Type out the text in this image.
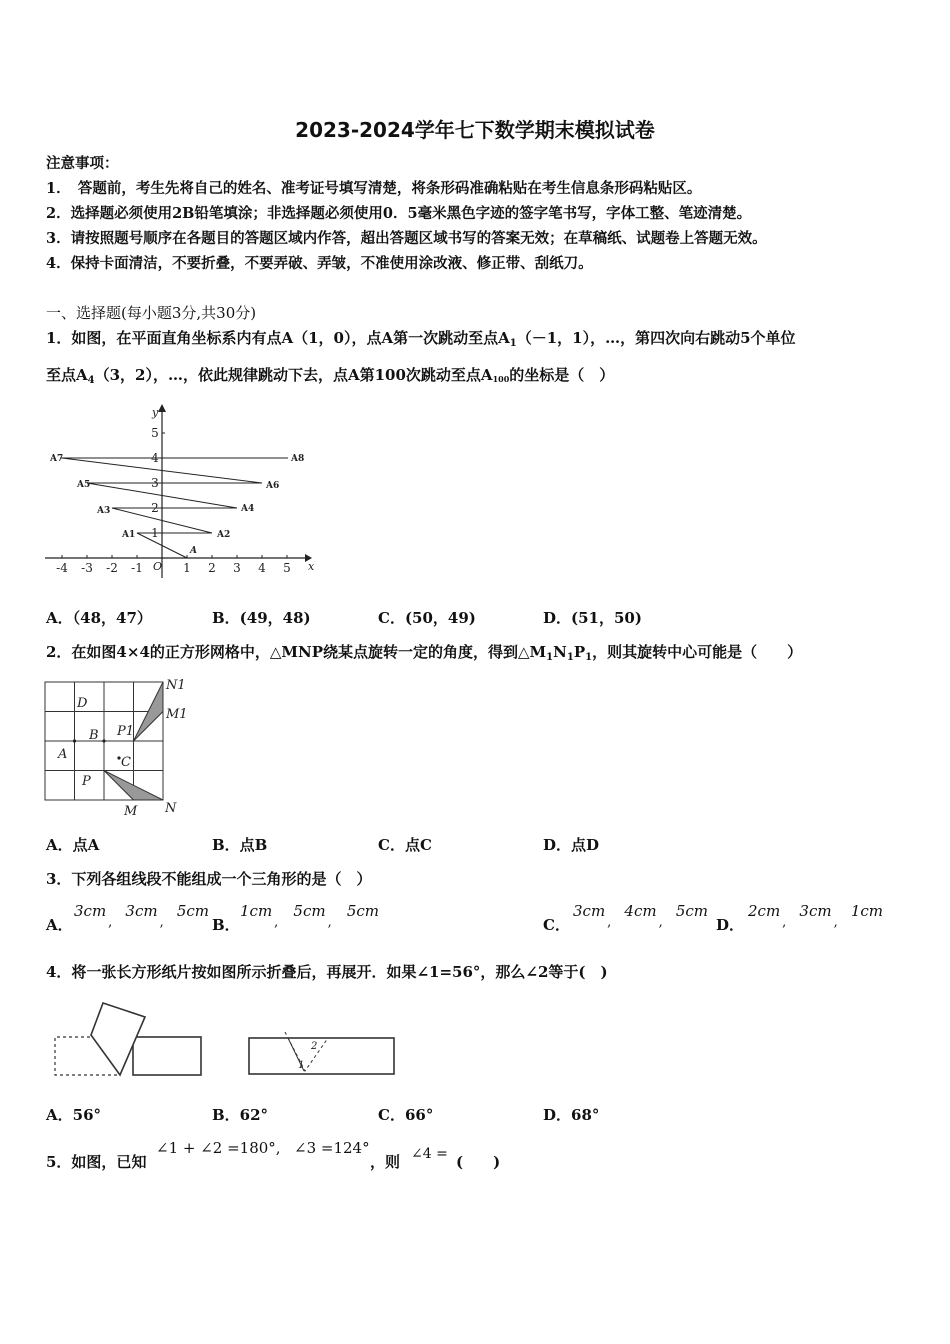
2023-2024学年七下数学期末模拟试卷
注意事项：
1．　答题前，考生先将自己的姓名、准考证号填写清楚，将条形码准确粘贴在考生信息条形码粘贴区。
2．选择题必须使用2B铅笔填涂；非选择题必须使用0．5毫米黑色字迹的签字笔书写，字体工整、笔迹清楚。
3．请按照题号顺序在各题目的答题区域内作答，超出答题区域书写的答案无效；在草稿纸、试题卷上答题无效。
4．保持卡面清洁，不要折叠，不要弄破、弄皱，不准使用涂改液、修正带、刮纸刀。
一、选择题(每小题3分,共30分)
1．如图，在平面直角坐标系内有点A（1，0），点A第一次跳动至点$A_1(-1$，1），…，第四次向右跳动5个单位
至点$A_4(3$，2），…，依此规律跳动下去，点A第100次跳动至点$A_{100}$的坐标是（　）
-4 -3 -2 -1	1 2 3 4 5
1
2
3
4
5
O	x
y
A
A1	A2
A3	A4
A5	A6
A7	A8
A．（48，47）	B．(49，48)	C．(50，49)	D．(51，50)
2．在如图4×4的正方形网格中，△MNP绕某点旋转一定的角度，得到$\triangle M_1N_1P_1$，则其旋转中心可能是（　　）
D
B
A
C
P
P1
M N
M1
N1
A．点A	B．点B	C．点C	D．点D
3．下列各组线段不能组成一个三角形的是（　）
A．
$3cm_,$ $3cm_,$ 5cm
B．
$1cm_,$ $5cm_,$ 5cm
C．
$3cm_,$ $4cm_,$ 5cm
D．
$2cm_,$ $3cm_,$ 1cm
4．将一张长方形纸片按如图所示折叠后，再展开．如果∠1=56°，那么∠2等于(　)
2
1
A．56°	B．62°	C．66°	D．68°
5．如图，已知
∠1 + ∠2 =180°, ∠3 =124°
，则 ∠4 = (　　)
